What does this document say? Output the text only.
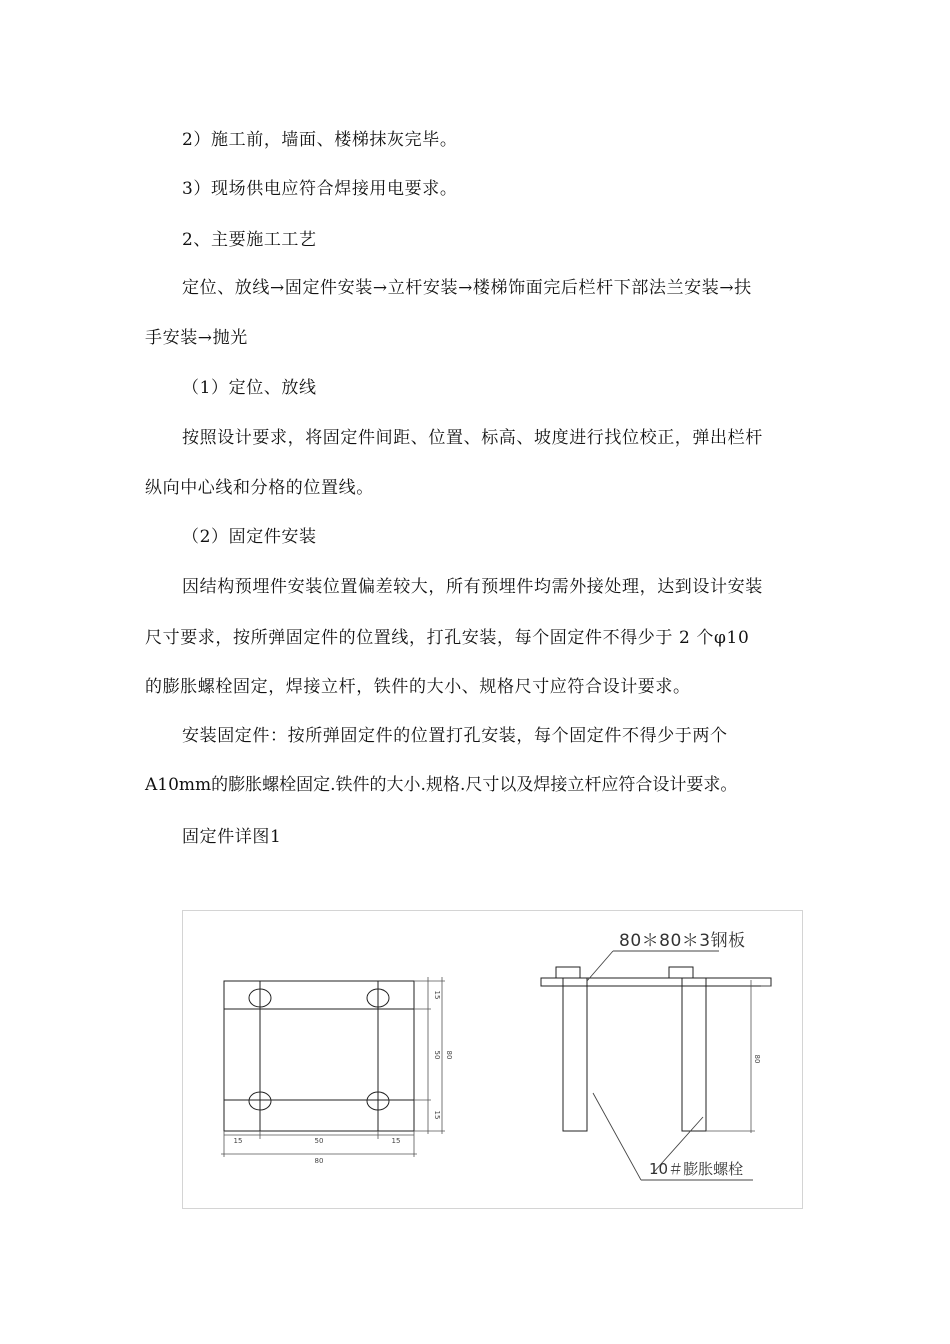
2）施工前，墙面、楼梯抹灰完毕。

3）现场供电应符合焊接用电要求。

2、主要施工工艺

定位、放线→固定件安装→立杆安装→楼梯饰面完后栏杆下部法兰安装→扶

手安装→抛光

（1）定位、放线

按照设计要求，将固定件间距、位置、标高、坡度进行找位校正，弹出栏杆

纵向中心线和分格的位置线。

（2）固定件安装

因结构预埋件安装位置偏差较大，所有预埋件均需外接处理，达到设计安装

尺寸要求，按所弹固定件的位置线，打孔安装，每个固定件不得少于 2 个φ10

的膨胀螺栓固定，焊接立杆，铁件的大小、规格尺寸应符合设计要求。

安装固定件：按所弹固定件的位置打孔安装，每个固定件不得少于两个

A10mm的膨胀螺栓固定.铁件的大小.规格.尺寸以及焊接立杆应符合设计要求。

固定件详图1

15	50	15
80
15
50
15
80	80
80＊80＊3钢板
10＃膨胀螺栓
